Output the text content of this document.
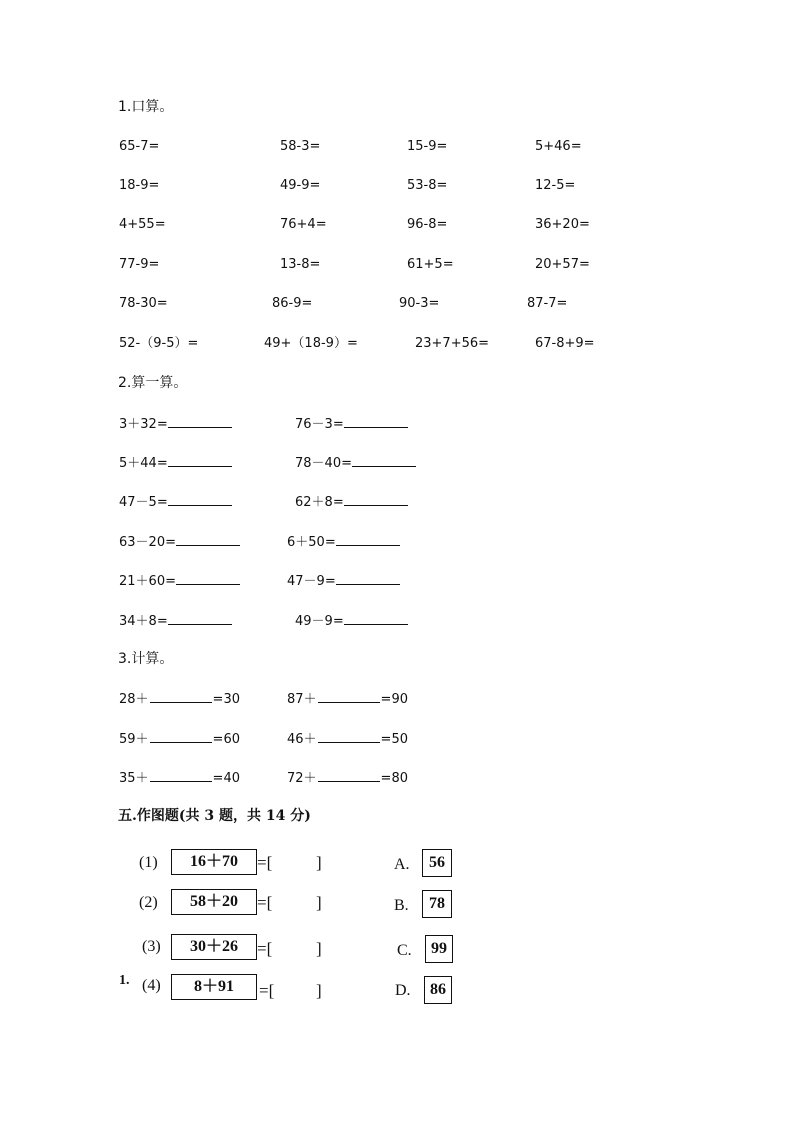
1.口算。
65-7=	58-3=	15-9=	5+46=
18-9=	49-9=	53-8=	12-5=
4+55=	76+4=	96-8=	36+20=
77-9=	13-8=	61+5=	20+57=
78-30=	86-9=	90-3=	87-7=
52-（9-5）=	49+（18-9）=	23+7+56=	67-8+9=
2.算一算。
3＋32=	76－3=
5＋44=	78－40=
47－5=	62＋8=
63－20=	6＋50=
21＋60=	47－9=
34＋8=	49－9=
3.计算。
28＋	=30	87＋	=90
59＋	=60	46＋	=50
35＋	=40	72＋	=80
五.作图题(共 3 题，共 14 分)
1.
(1)	16＋70	=[	]	A.	56
(2)	58＋20	=[	]	B.	78
(3)	30＋26	=[	]	C.	99
(4)	8＋91	=[ ]	D.	86
